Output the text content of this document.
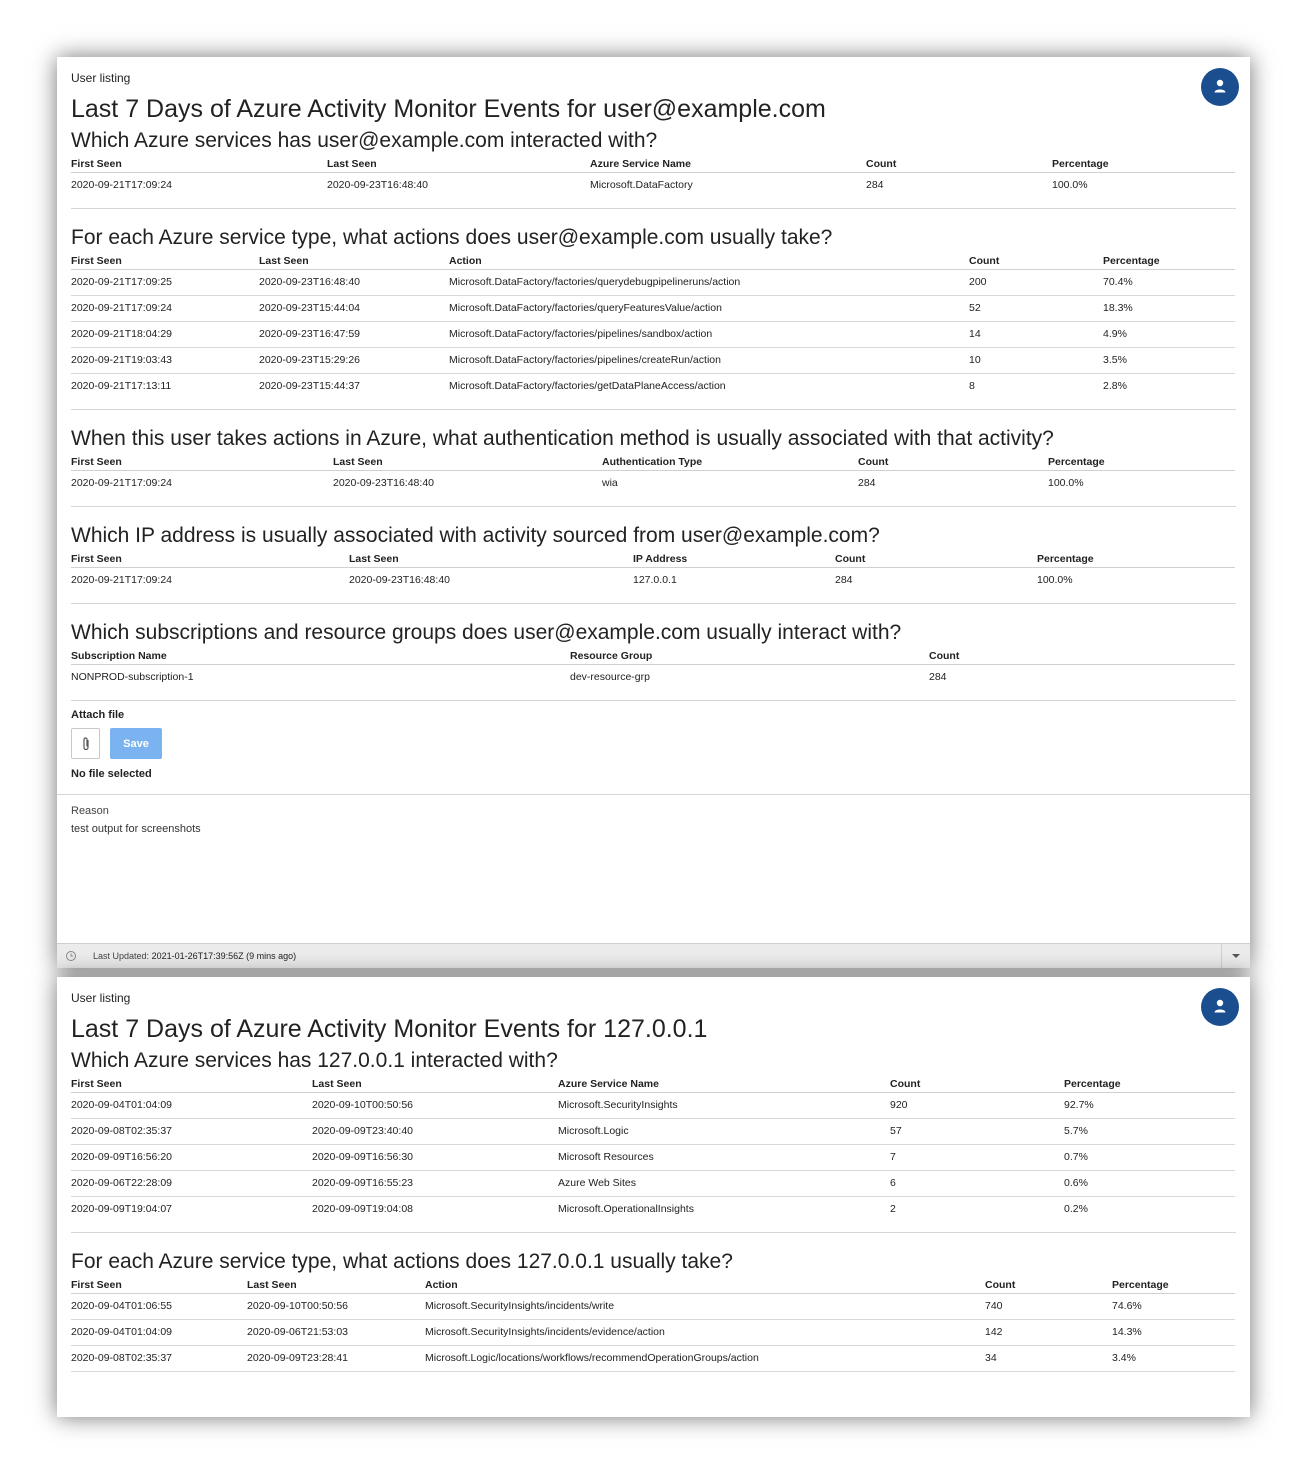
User listing
Last 7 Days of Azure Activity Monitor Events for user@example.com
Which Azure services has user@example.com interacted with?
First Seen	Last Seen	Azure Service Name	Count	Percentage
2020-09-21T17:09:24	2020-09-23T16:48:40	Microsoft.DataFactory	284	100.0%
For each Azure service type, what actions does user@example.com usually take?
First Seen	Last Seen	Action	Count	Percentage
2020-09-21T17:09:25	2020-09-23T16:48:40	Microsoft.DataFactory/factories/querydebugpipelineruns/action	200	70.4%
2020-09-21T17:09:24	2020-09-23T15:44:04	Microsoft.DataFactory/factories/queryFeaturesValue/action	52	18.3%
2020-09-21T18:04:29	2020-09-23T16:47:59	Microsoft.DataFactory/factories/pipelines/sandbox/action	14	4.9%
2020-09-21T19:03:43	2020-09-23T15:29:26	Microsoft.DataFactory/factories/pipelines/createRun/action	10	3.5%
2020-09-21T17:13:11	2020-09-23T15:44:37	Microsoft.DataFactory/factories/getDataPlaneAccess/action	8	2.8%
When this user takes actions in Azure, what authentication method is usually associated with that activity?
First Seen	Last Seen	Authentication Type	Count	Percentage
2020-09-21T17:09:24	2020-09-23T16:48:40	wia	284	100.0%
Which IP address is usually associated with activity sourced from user@example.com?
First Seen	Last Seen	IP Address	Count	Percentage
2020-09-21T17:09:24	2020-09-23T16:48:40	127.0.0.1	284	100.0%
Which subscriptions and resource groups does user@example.com usually interact with?
Subscription Name	Resource Group	Count
NONPROD-subscription-1	dev-resource-grp	284
Attach file
Save
No file selected
Reason
test output for screenshots
Last Updated: 2021-01-26T17:39:56Z (9 mins ago)
User listing
Last 7 Days of Azure Activity Monitor Events for 127.0.0.1
Which Azure services has 127.0.0.1 interacted with?
First Seen	Last Seen	Azure Service Name	Count	Percentage
2020-09-04T01:04:09	2020-09-10T00:50:56	Microsoft.SecurityInsights	920	92.7%
2020-09-08T02:35:37	2020-09-09T23:40:40	Microsoft.Logic	57	5.7%
2020-09-09T16:56:20	2020-09-09T16:56:30	Microsoft Resources	7	0.7%
2020-09-06T22:28:09	2020-09-09T16:55:23	Azure Web Sites	6	0.6%
2020-09-09T19:04:07	2020-09-09T19:04:08	Microsoft.OperationalInsights	2	0.2%
For each Azure service type, what actions does 127.0.0.1 usually take?
First Seen	Last Seen	Action	Count	Percentage
2020-09-04T01:06:55	2020-09-10T00:50:56	Microsoft.SecurityInsights/incidents/write	740	74.6%
2020-09-04T01:04:09	2020-09-06T21:53:03	Microsoft.SecurityInsights/incidents/evidence/action	142	14.3%
2020-09-08T02:35:37	2020-09-09T23:28:41	Microsoft.Logic/locations/workflows/recommendOperationGroups/action	34	3.4%
